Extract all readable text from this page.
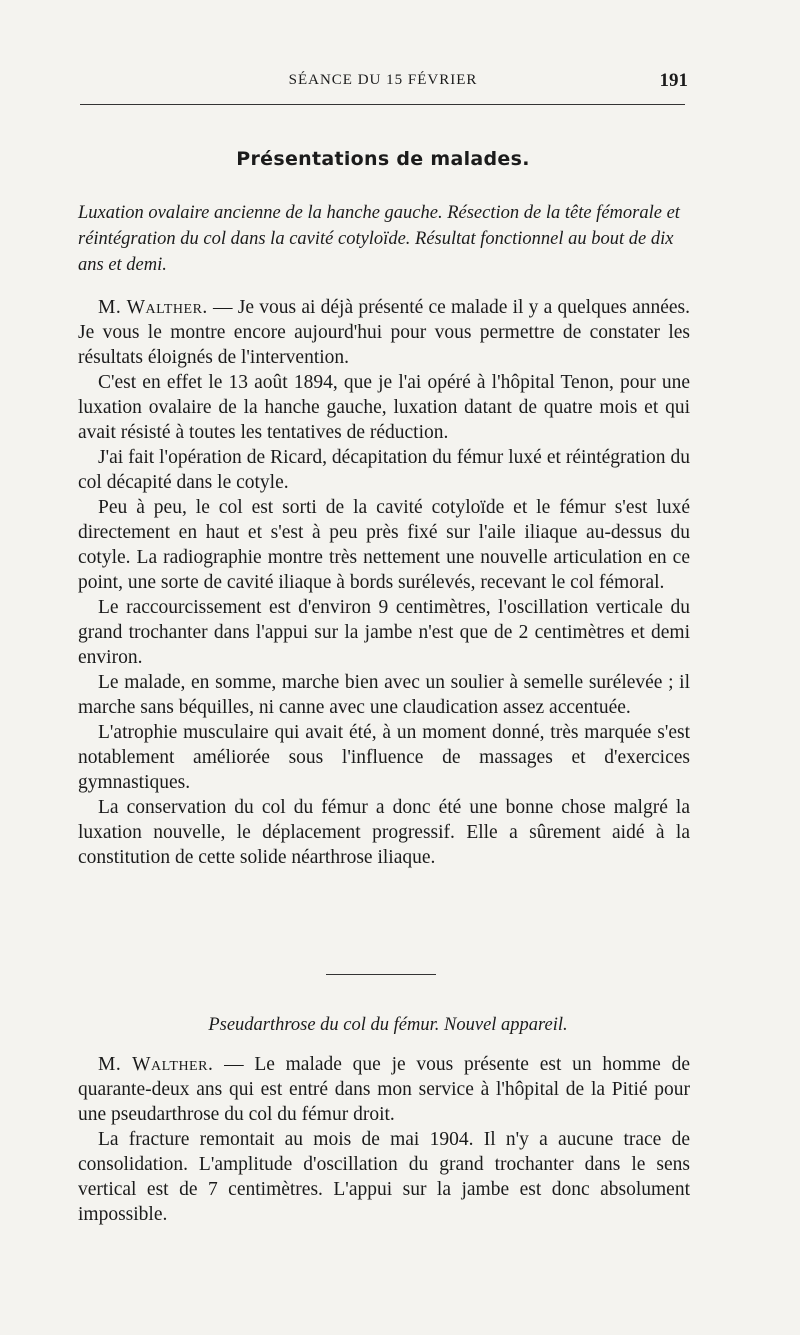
SÉANCE DU 15 FÉVRIER	191
Présentations de malades.
Luxation ovalaire ancienne de la hanche gauche. Résection de la tête fémorale et réintégration du col dans la cavité cotyloïde. Résultat fonctionnel au bout de dix ans et demi.

M. Walther. — Je vous ai déjà présenté ce malade il y a quelques années. Je vous le montre encore aujourd'hui pour vous permettre de constater les résultats éloignés de l'intervention.

C'est en effet le 13 août 1894, que je l'ai opéré à l'hôpital Tenon, pour une luxation ovalaire de la hanche gauche, luxation datant de quatre mois et qui avait résisté à toutes les tentatives de réduction.

J'ai fait l'opération de Ricard, décapitation du fémur luxé et réintégration du col décapité dans le cotyle.

Peu à peu, le col est sorti de la cavité cotyloïde et le fémur s'est luxé directement en haut et s'est à peu près fixé sur l'aile iliaque au-dessus du cotyle. La radiographie montre très nettement une nouvelle articulation en ce point, une sorte de cavité iliaque à bords surélevés, recevant le col fémoral.

Le raccourcissement est d'environ 9 centimètres, l'oscillation verticale du grand trochanter dans l'appui sur la jambe n'est que de 2 centimètres et demi environ.

Le malade, en somme, marche bien avec un soulier à semelle surélevée ; il marche sans béquilles, ni canne avec une claudication assez accentuée.

L'atrophie musculaire qui avait été, à un moment donné, très marquée s'est notablement améliorée sous l'influence de massages et d'exercices gymnastiques.

La conservation du col du fémur a donc été une bonne chose malgré la luxation nouvelle, le déplacement progressif. Elle a sûrement aidé à la constitution de cette solide néarthrose iliaque.

Pseudarthrose du col du fémur. Nouvel appareil.

M. Walther. — Le malade que je vous présente est un homme de quarante-deux ans qui est entré dans mon service à l'hôpital de la Pitié pour une pseudarthrose du col du fémur droit.

La fracture remontait au mois de mai 1904. Il n'y a aucune trace de consolidation. L'amplitude d'oscillation du grand trochanter dans le sens vertical est de 7 centimètres. L'appui sur la jambe est donc absolument impossible.
